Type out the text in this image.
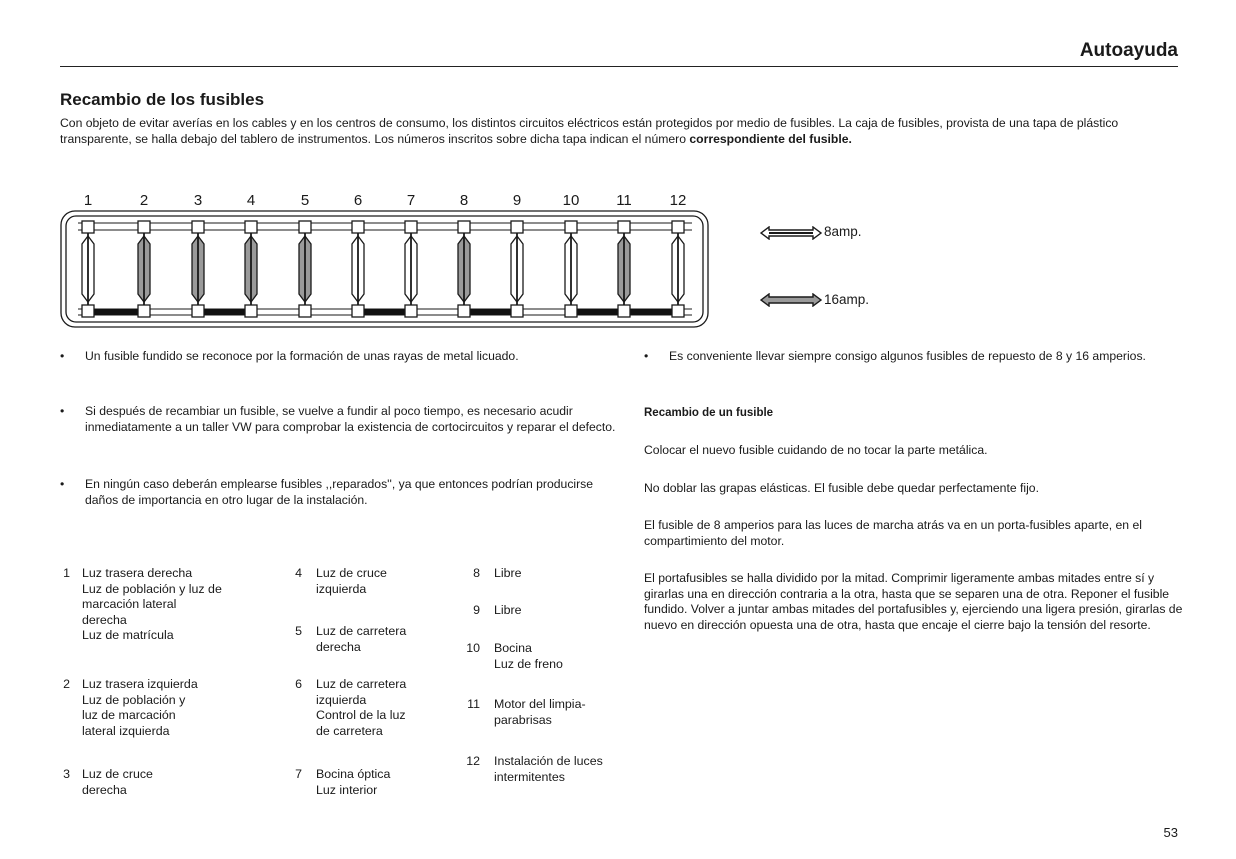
Autoayuda
Recambio de los fusibles
Con objeto de evitar averías en los cables y en los centros de consumo, los distintos circuitos eléctricos están protegidos por medio de fusibles. La caja de fusibles, provista de una tapa de plástico transparente, se halla debajo del tablero de instrumentos. Los números inscritos sobre dicha tapa indican el número correspondiente del fusible.
1	2	3	4	5	6	7	8	9	10	11	12
8amp.
16amp.
• Un fusible fundido se reconoce por la formación de unas rayas de metal licuado.
• Si después de recambiar un fusible, se vuelve a fundir al poco tiempo, es necesario acudir inmediatamente a un taller VW para comprobar la existencia de cortocircuitos y reparar el defecto.
• En ningún caso deberán emplearse fusibles ,,reparados'', ya que entonces podrían producirse daños de importancia en otro lugar de la instalación.
• Es conveniente llevar siempre consigo algunos fusibles de repuesto de 8 y 16 amperios.
Recambio de un fusible
Colocar el nuevo fusible cuidando de no tocar la parte metálica.
No doblar las grapas elásticas. El fusible debe quedar perfectamente fijo.
El fusible de 8 amperios para las luces de marcha atrás va en un porta-fusibles aparte, en el compartimiento del motor.
El portafusibles se halla dividido por la mitad. Comprimir ligeramente ambas mitades entre sí y girarlas una en dirección contraria a la otra, hasta que se separen una de otra. Reponer el fusible fundido. Volver a juntar ambas mitades del portafusibles y, ejerciendo una ligera presión, girarlas de nuevo en dirección opuesta una de otra, hasta que encaje el cierre bajo la tensión del resorte.
1 Luz trasera derecha
Luz de población y luz de
marcación lateral
derecha
Luz de matrícula
2 Luz trasera izquierda
Luz de población y
luz de marcación
lateral izquierda
3 Luz de cruce
derecha
4 Luz de cruce
izquierda
5 Luz de carretera
derecha
6 Luz de carretera
izquierda
Control de la luz
de carretera
7 Bocina óptica
Luz interior
8 Libre
9 Libre
10 Bocina
Luz de freno
11 Motor del limpia-
parabrisas
12 Instalación de luces
intermitentes
53
